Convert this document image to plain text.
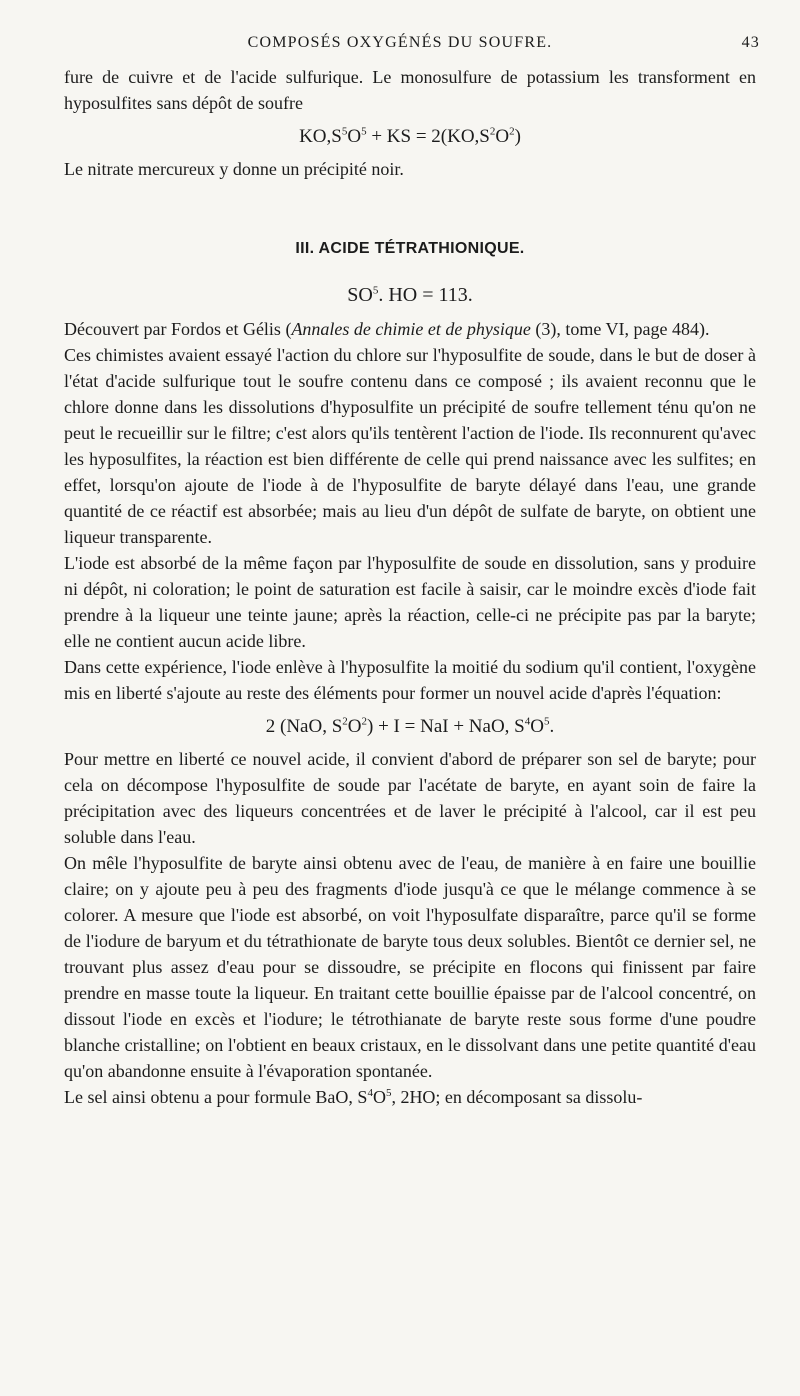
COMPOSÉS OXYGÉNÉS DU SOUFRE.	43

fure de cuivre et de l'acide sulfurique. Le monosulfure de potassium les transforment en hyposulfites sans dépôt de soufre

$KO,S^5O^5$ + KS = $2(KO,S^2O^2)$

Le nitrate mercureux y donne un précipité noir.

III. ACIDE TÉTRATHIONIQUE.
$SO^5$. HO = 113.

Découvert par Fordos et Gélis (Annales de chimie et de physique (3), tome VI, page 484).

Ces chimistes avaient essayé l'action du chlore sur l'hyposulfite de soude, dans le but de doser à l'état d'acide sulfurique tout le soufre contenu dans ce composé ; ils avaient reconnu que le chlore donne dans les dissolutions d'hyposulfite un précipité de soufre tellement ténu qu'on ne peut le recueillir sur le filtre; c'est alors qu'ils tentèrent l'action de l'iode. Ils reconnurent qu'avec les hyposulfites, la réaction est bien différente de celle qui prend naissance avec les sulfites; en effet, lorsqu'on ajoute de l'iode à de l'hyposulfite de baryte délayé dans l'eau, une grande quantité de ce réactif est absorbée; mais au lieu d'un dépôt de sulfate de baryte, on obtient une liqueur transparente.

L'iode est absorbé de la même façon par l'hyposulfite de soude en dissolution, sans y produire ni dépôt, ni coloration; le point de saturation est facile à saisir, car le moindre excès d'iode fait prendre à la liqueur une teinte jaune; après la réaction, celle-ci ne précipite pas par la baryte; elle ne contient aucun acide libre.

Dans cette expérience, l'iode enlève à l'hyposulfite la moitié du sodium qu'il contient, l'oxygène mis en liberté s'ajoute au reste des éléments pour former un nouvel acide d'après l'équation:

2 (NaO, $S^2O^2) + I$ = NaI + NaO, $S^4O^5$.

Pour mettre en liberté ce nouvel acide, il convient d'abord de préparer son sel de baryte; pour cela on décompose l'hyposulfite de soude par l'acétate de baryte, en ayant soin de faire la précipitation avec des liqueurs concentrées et de laver le précipité à l'alcool, car il est peu soluble dans l'eau.

On mêle l'hyposulfite de baryte ainsi obtenu avec de l'eau, de manière à en faire une bouillie claire; on y ajoute peu à peu des fragments d'iode jusqu'à ce que le mélange commence à se colorer. A mesure que l'iode est absorbé, on voit l'hyposulfate disparaître, parce qu'il se forme de l'iodure de baryum et du tétrathionate de baryte tous deux solubles. Bientôt ce dernier sel, ne trouvant plus assez d'eau pour se dissoudre, se précipite en flocons qui finissent par faire prendre en masse toute la liqueur. En traitant cette bouillie épaisse par de l'alcool concentré, on dissout l'iode en excès et l'iodure; le tétrothianate de baryte reste sous forme d'une poudre blanche cristalline; on l'obtient en beaux cristaux, en le dissolvant dans une petite quantité d'eau qu'on abandonne ensuite à l'évaporation spontanée.

Le sel ainsi obtenu a pour formule BaO, $S^4O^5$, 2HO; en décomposant sa dissolu-
